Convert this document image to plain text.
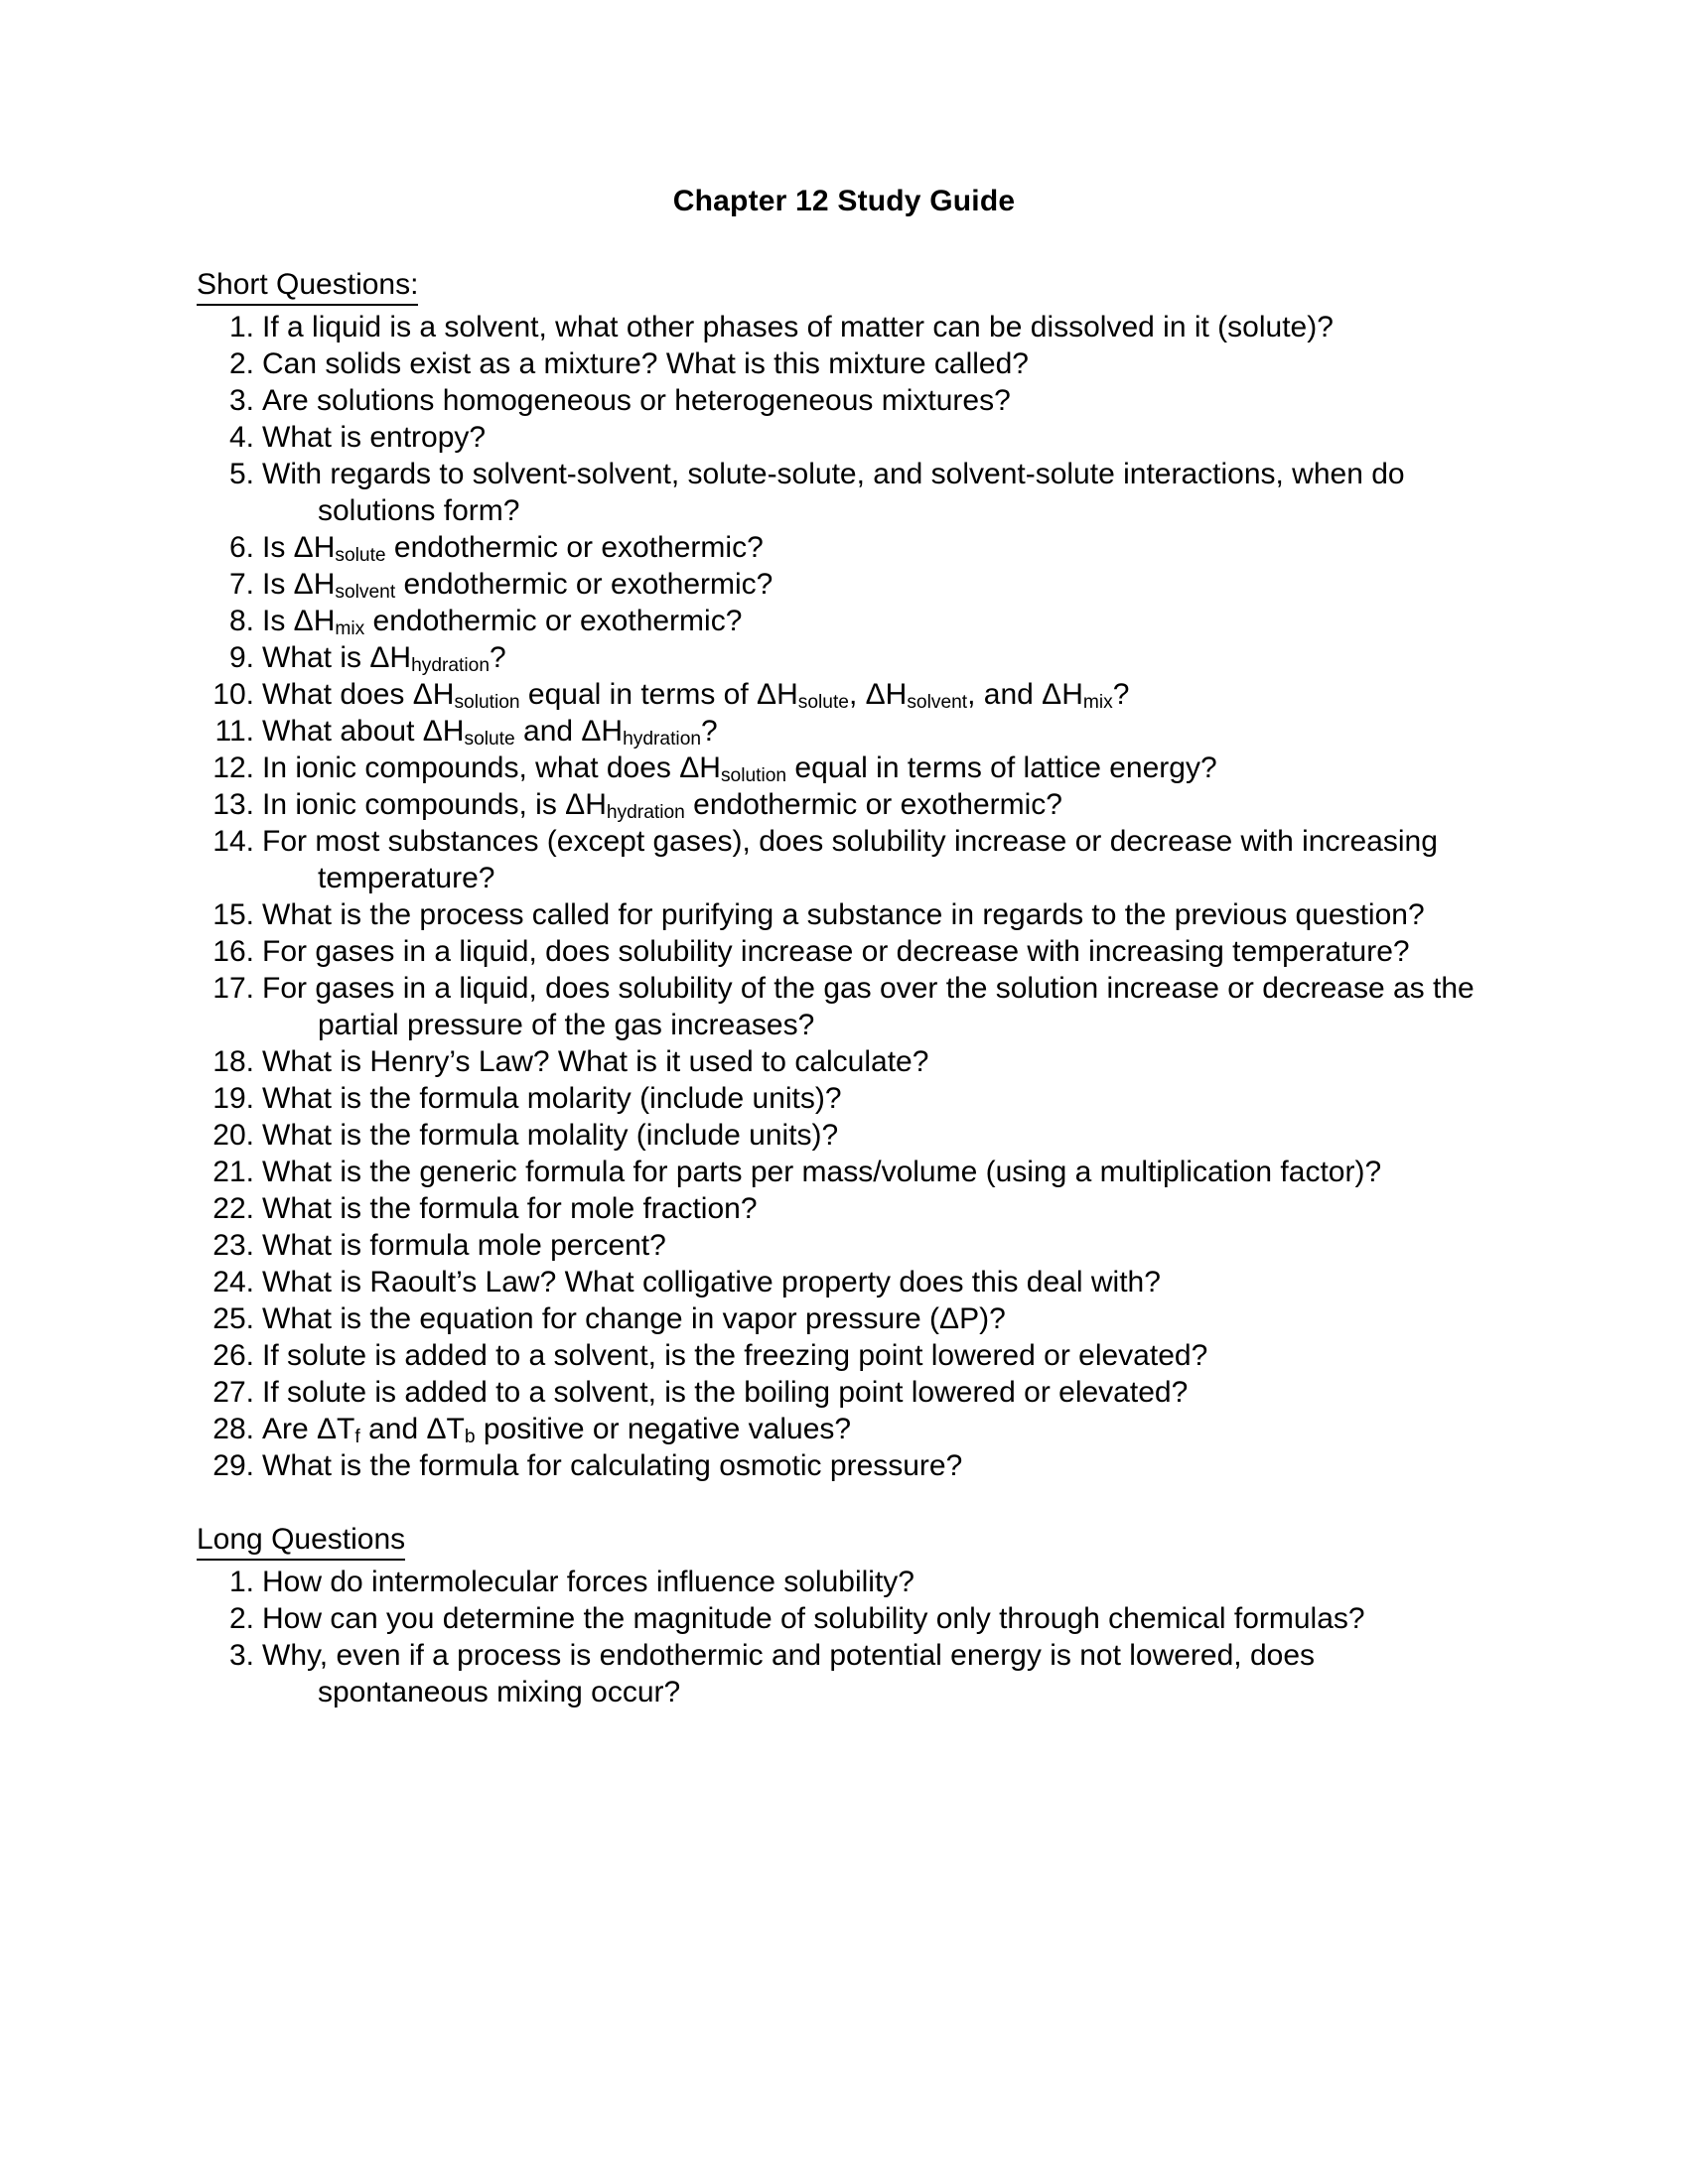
Chapter 12 Study Guide
Short Questions:
1. If a liquid is a solvent, what other phases of matter can be dissolved in it (solute)?
2. Can solids exist as a mixture? What is this mixture called?
3. Are solutions homogeneous or heterogeneous mixtures?
4. What is entropy?
5. With regards to solvent-solvent, solute-solute, and solvent-solute interactions, when do solutions form?
6. Is $\Delta H_{solute}$ endothermic or exothermic?
7. Is $\Delta H_{solvent}$ endothermic or exothermic?
8. Is $\Delta H_{mix}$ endothermic or exothermic?
9. What is $\Delta H_{hydration}$?
10. What does $\Delta H_{solution}$ equal in terms of $\Delta H_{solute}$, $\Delta H_{solvent}$, and $\Delta H_{mix}$?
11. What about $\Delta H_{solute}$ and $\Delta H_{hydration}$?
12. In ionic compounds, what does $\Delta H_{solution}$ equal in terms of lattice energy?
13. In ionic compounds, is $\Delta H_{hydration}$ endothermic or exothermic?
14. For most substances (except gases), does solubility increase or decrease with increasing temperature?
15. What is the process called for purifying a substance in regards to the previous question?
16. For gases in a liquid, does solubility increase or decrease with increasing temperature?
17. For gases in a liquid, does solubility of the gas over the solution increase or decrease as the partial pressure of the gas increases?
18. What is Henry’s Law? What is it used to calculate?
19. What is the formula molarity (include units)?
20. What is the formula molality (include units)?
21. What is the generic formula for parts per mass/volume (using a multiplication factor)?
22. What is the formula for mole fraction?
23. What is formula mole percent?
24. What is Raoult’s Law? What colligative property does this deal with?
25. What is the equation for change in vapor pressure (ΔP)?
26. If solute is added to a solvent, is the freezing point lowered or elevated?
27. If solute is added to a solvent, is the boiling point lowered or elevated?
28. Are $\Delta T_f$ and $\Delta T_b$ positive or negative values?
29. What is the formula for calculating osmotic pressure?
Long Questions
1. How do intermolecular forces influence solubility?
2. How can you determine the magnitude of solubility only through chemical formulas?
3. Why, even if a process is endothermic and potential energy is not lowered, does spontaneous mixing occur?
